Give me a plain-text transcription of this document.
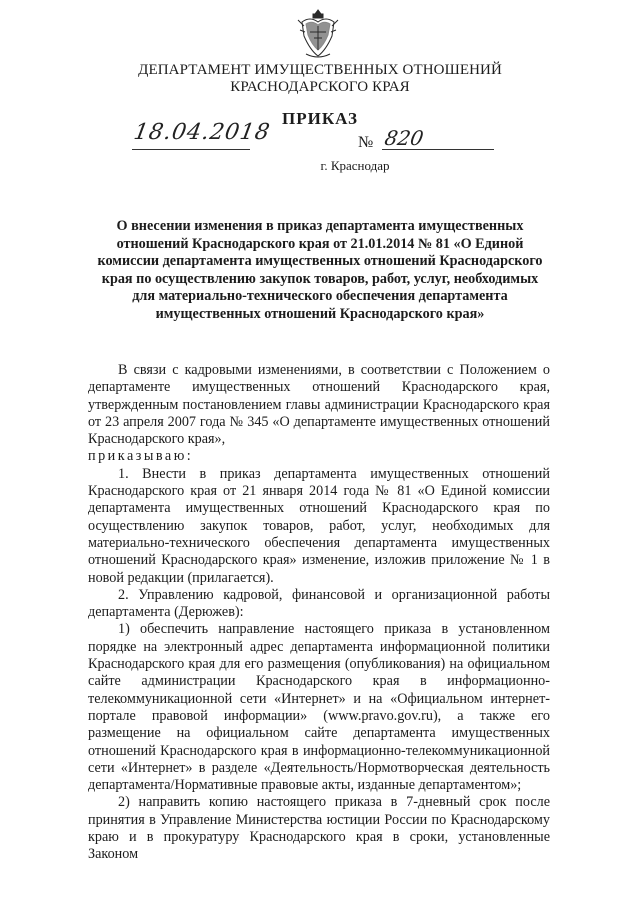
ДЕПАРТАМЕНТ ИМУЩЕСТВЕННЫХ ОТНОШЕНИЙ
КРАСНОДАРСКОГО КРАЯ
ПРИКАЗ
18.04.2018	№ 820
г. Краснодар
О внесении изменения в приказ департамента имущественных
отношений Краснодарского края от 21.01.2014 № 81 «О Единой
комиссии департамента имущественных отношений Краснодарского
края по осуществлению закупок товаров, работ, услуг, необходимых
для материально-технического обеспечения департамента
имущественных отношений Краснодарского края»

В связи с кадровыми изменениями, в соответствии с Положением о департаменте имущественных отношений Краснодарского края, утвержденным постановлением главы администрации Краснодарского края от 23 апреля 2007 года № 345 «О департаменте имущественных отношений Краснодарского края»,

приказываю:

1. Внести в приказ департамента имущественных отношений Краснодарского края от 21 января 2014 года № 81 «О Единой комиссии департамента имущественных отношений Краснодарского края по осуществлению закупок товаров, работ, услуг, необходимых для материально-технического обеспечения департамента имущественных отношений Краснодарского края» изменение, изложив приложение № 1 в новой редакции (прилагается).

2. Управлению кадровой, финансовой и организационной работы департамента (Дерюжев):

1) обеспечить направление настоящего приказа в установленном порядке на электронный адрес департамента информационной политики Краснодарского края для его размещения (опубликования) на официальном сайте администрации Краснодарского края в информационно-телекоммуникационной сети «Интернет» и на «Официальном интернет-портале правовой информации» (www.pravo.gov.ru), а также его размещение на официальном сайте департамента имущественных отношений Краснодарского края в информационно-телекоммуникационной сети «Интернет» в разделе «Деятельность/Нормотворческая деятельность департамента/Нормативные правовые акты, изданные департаментом»;

2) направить копию настоящего приказа в 7-дневный срок после принятия в Управление Министерства юстиции России по Краснодарскому краю и в прокуратуру Краснодарского края в сроки, установленные Законом
